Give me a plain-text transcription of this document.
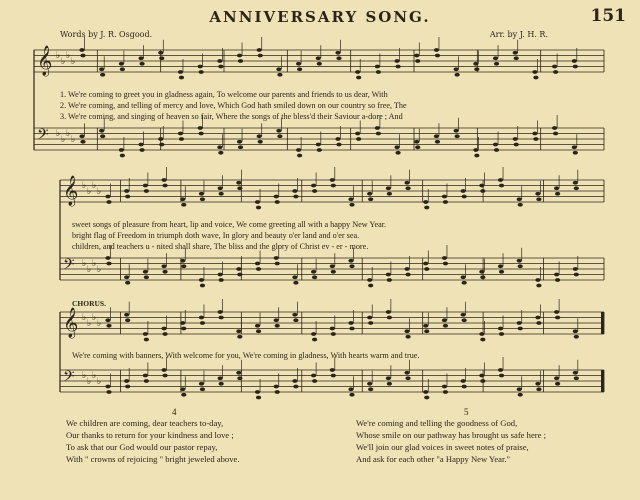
ANNIVERSARY SONG.	151
Words by J. R. Osgood.	Arr. by J. H. R.
𝄞 ♭
♭
♭
♭
𝄢 ♭
♭
♭
♭
𝄞 ♭
♭
♭
♭
𝄢 ♭
♭
♭
♭
𝄞 ♭
♭
♭
♭
𝄢 ♭
♭
♭
♭
1. We're coming to greet you in gladness again, To welcome our parents and friends to us dear, With
2. We're coming, and telling of mercy and love, Which God hath smiled down on our country so free, The
3. We're coming, and singing of heaven so fair, Where the songs of the bless'd their Saviour a-dore ; And
sweet songs of pleasure from heart, lip and voice, We come greeting all with a happy New Year.
bright flag of Freedom in triumph doth wave, In glory and beauty o'er land and o'er sea.
children, and teachers u - nited shall share, The bliss and the glory of Christ ev - er - more.
CHORUS.
We're coming with banners, With welcome for you, We're coming in gladness, With hearts warm and true.
4
We children are coming, dear teachers to-day,
Our thanks to return for your kindness and love ;
To ask that our God would our pastor repay,
With " crowns of rejoicing " bright jeweled above.
5
We're coming and telling the goodness of God,
Whose smile on our pathway has brought us safe here ;
We'll join our glad voices in sweet notes of praise,
And ask for each other "a Happy New Year."
